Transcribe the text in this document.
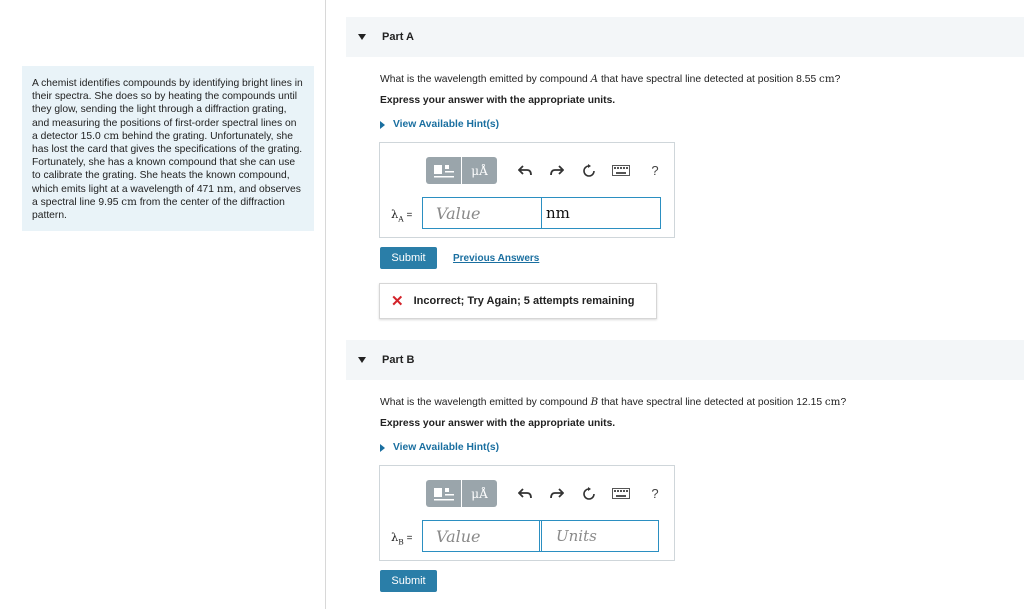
A chemist identifies compounds by identifying bright lines in their spectra. She does so by heating the compounds until they glow, sending the light through a diffraction grating, and measuring the positions of first-order spectral lines on a detector 15.0 cm behind the grating. Unfortunately, she has lost the card that gives the specifications of the grating. Fortunately, she has a known compound that she can use to calibrate the grating. She heats the known compound, which emits light at a wavelength of 471 nm, and observes a spectral line 9.95 cm from the center of the diffraction pattern.
Part A
What is the wavelength emitted by compound A that have spectral line detected at position 8.55 cm?
Express your answer with the appropriate units.
View Available Hint(s)
μÅ	?
$\lambda_A$ =	Value	nm
Submit	Previous Answers
✕ Incorrect; Try Again; 5 attempts remaining
Part B
What is the wavelength emitted by compound B that have spectral line detected at position 12.15 cm?
Express your answer with the appropriate units.
View Available Hint(s)
μÅ	?
$\lambda_B$ =	Value	Units
Submit
